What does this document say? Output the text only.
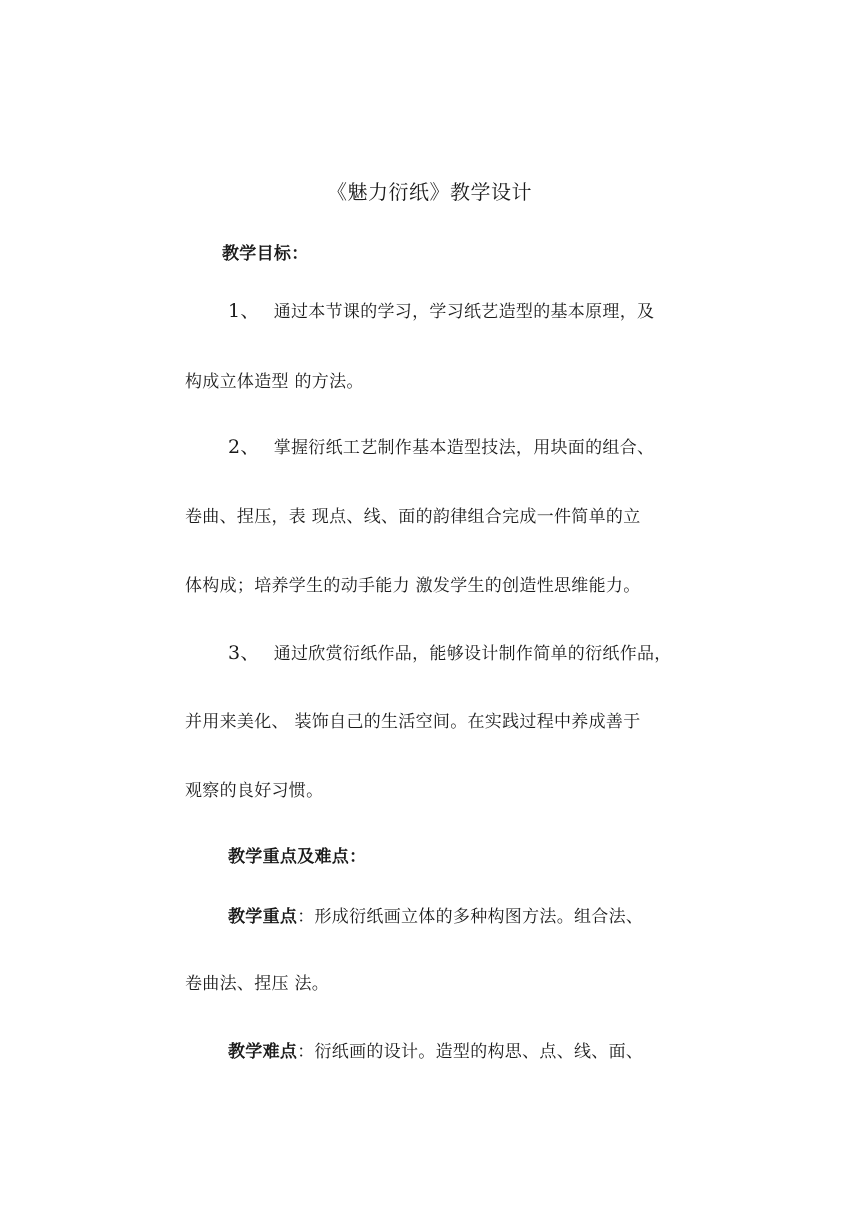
《魅力衍纸》教学设计
教学目标：
1、 通过本节课的学习，学习纸艺造型的基本原理，及
构成立体造型 的方法。
2、 掌握衍纸工艺制作基本造型技法，用块面的组合、
卷曲、捏压，表 现点、线、面的韵律组合完成一件简单的立
体构成；培养学生的动手能力 激发学生的创造性思维能力。
3、 通过欣赏衍纸作品，能够设计制作简单的衍纸作品，
并用来美化、 装饰自己的生活空间。在实践过程中养成善于
观察的良好习惯。
教学重点及难点：
教学重点：形成衍纸画立体的多种构图方法。组合法、
卷曲法、捏压 法。
教学难点：衍纸画的设计。造型的构思、点、线、面、
